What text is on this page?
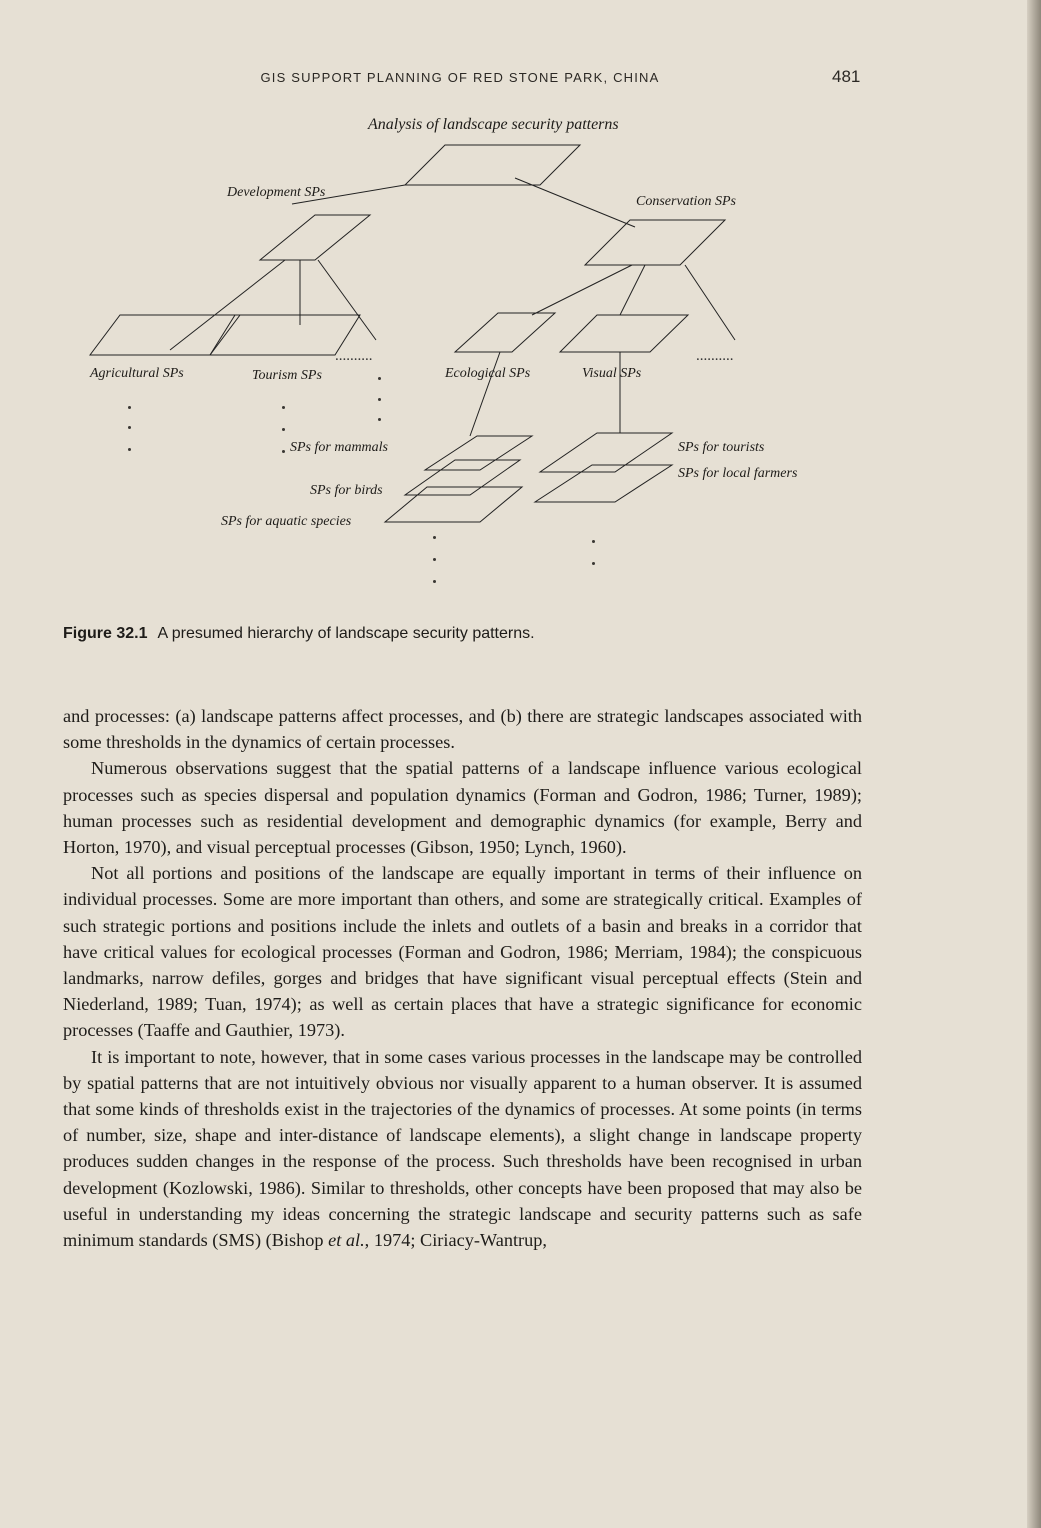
GIS SUPPORT PLANNING OF RED STONE PARK, CHINA	481
Analysis of landscape security patterns
Development SPs
Conservation SPs
Agricultural SPs	Tourism SPs	Ecological SPs	Visual SPs
SPs for mammals
SPs for birds
SPs for aquatic species
SPs for tourists
SPs for local farmers
..........	..........
Figure 32.1 A presumed hierarchy of landscape security patterns.

and processes: (a) landscape patterns affect processes, and (b) there are strategic landscapes associated with some thresholds in the dynamics of certain processes.

Numerous observations suggest that the spatial patterns of a landscape influence various ecological processes such as species dispersal and population dynamics (Forman and Godron, 1986; Turner, 1989); human processes such as residential development and demographic dynamics (for example, Berry and Horton, 1970), and visual perceptual processes (Gibson, 1950; Lynch, 1960).

Not all portions and positions of the landscape are equally important in terms of their influence on individual processes. Some are more important than others, and some are strategically critical. Examples of such strategic portions and positions include the inlets and outlets of a basin and breaks in a corridor that have critical values for ecological processes (Forman and Godron, 1986; Merriam, 1984); the conspicuous landmarks, narrow defiles, gorges and bridges that have significant visual perceptual effects (Stein and Niederland, 1989; Tuan, 1974); as well as certain places that have a strategic significance for economic processes (Taaffe and Gauthier, 1973).

It is important to note, however, that in some cases various processes in the landscape may be controlled by spatial patterns that are not intuitively obvious nor visually apparent to a human observer. It is assumed that some kinds of thresholds exist in the trajectories of the dynamics of processes. At some points (in terms of number, size, shape and inter-distance of landscape elements), a slight change in landscape property produces sudden changes in the response of the process. Such thresholds have been recognised in urban development (Kozlowski, 1986). Similar to thresholds, other concepts have been proposed that may also be useful in understanding my ideas concerning the strategic landscape and security patterns such as safe minimum standards (SMS) (Bishop et al., 1974; Ciriacy-Wantrup,
